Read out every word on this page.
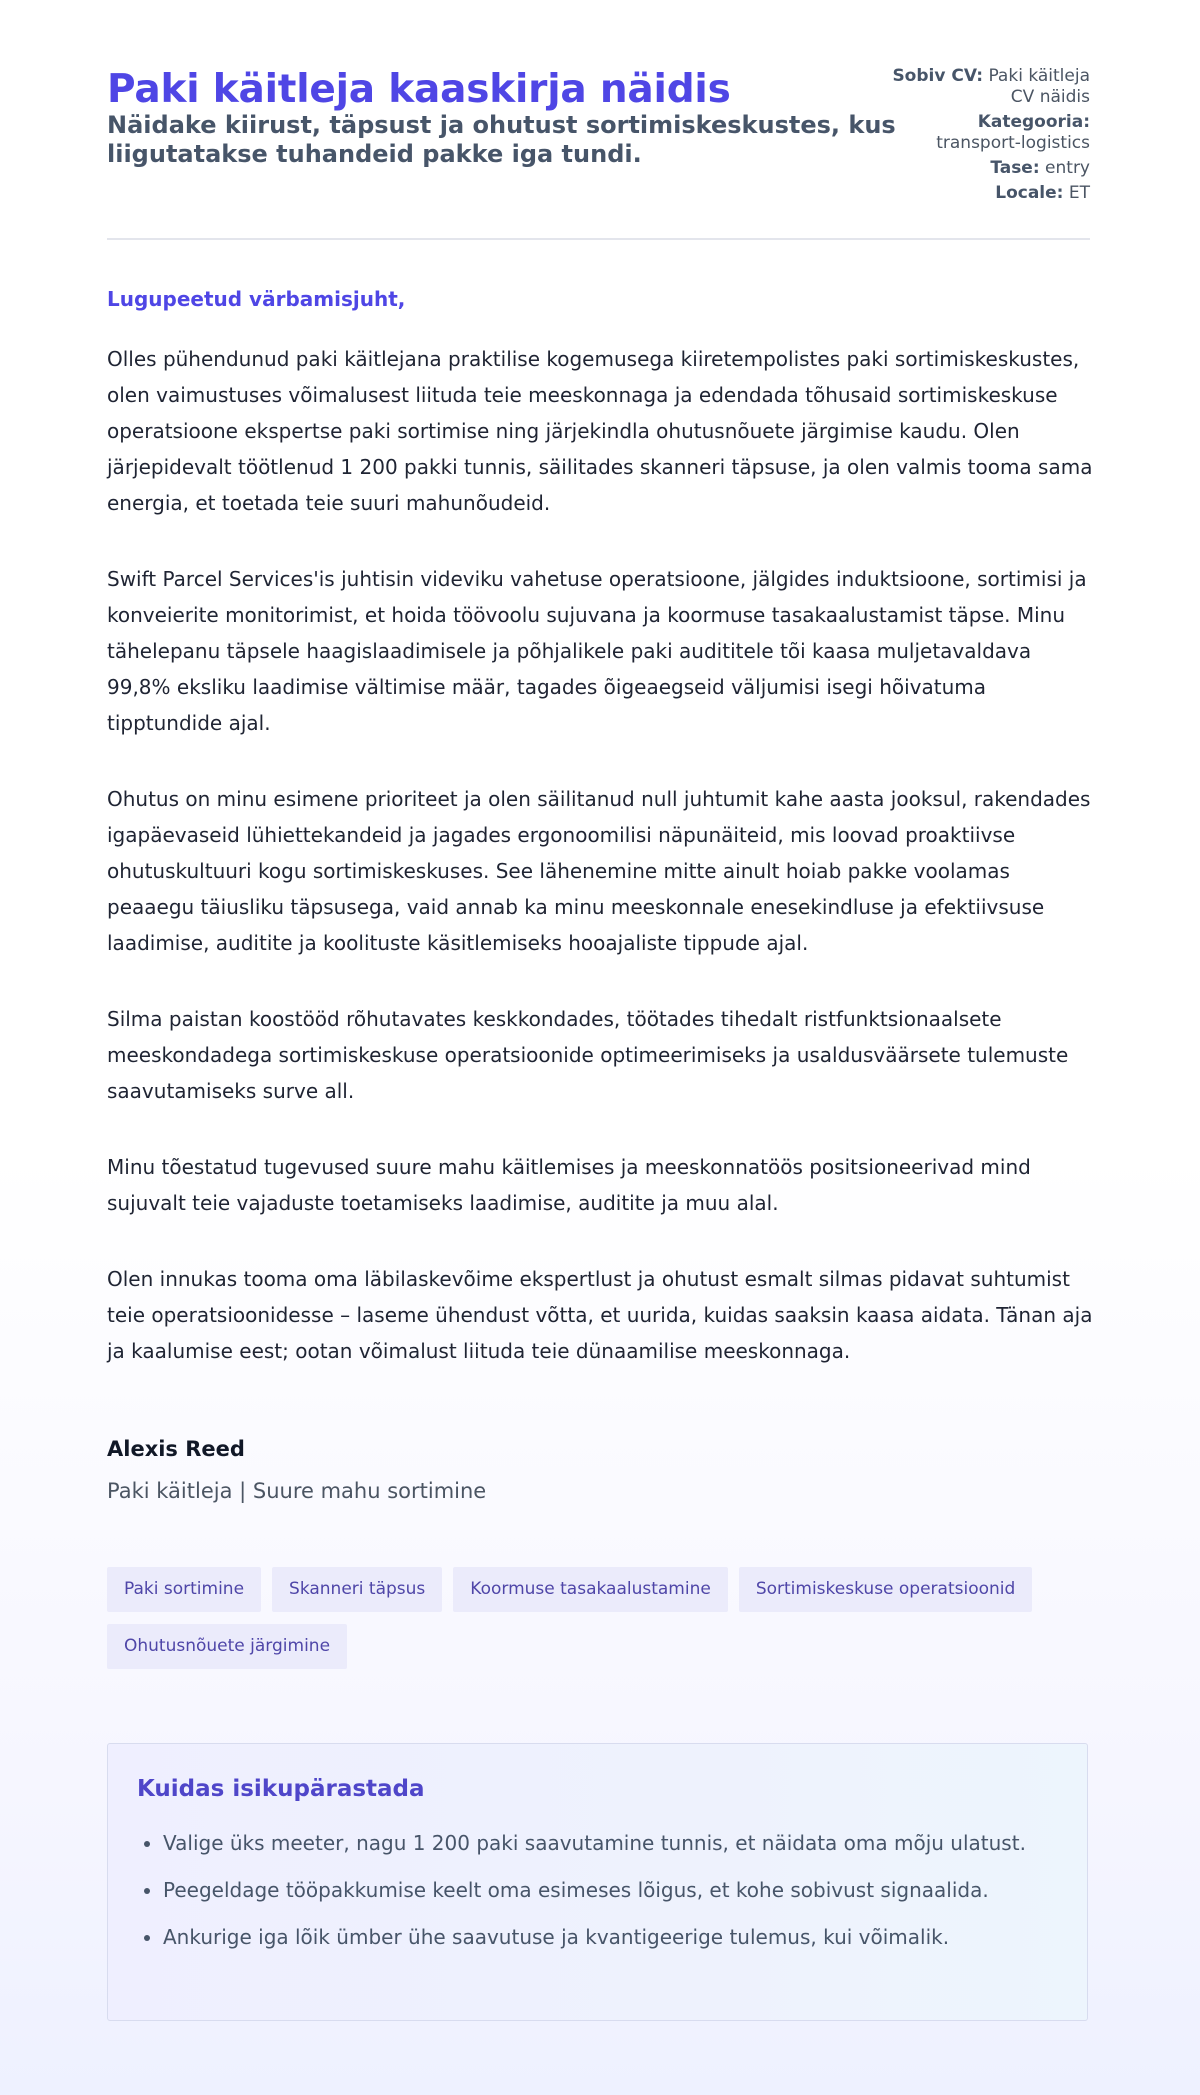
Paki käitleja kaaskirja näidis

Näidake kiirust, täpsust ja ohutust sortimiskeskustes, kus liigutatakse tuhandeid pakke iga tundi.

Sobiv CV: Paki käitleja CV näidis
Kategooria:
transport-logistics
Tase: entry
Locale: ET

Lugupeetud värbamisjuht,

Olles pühendunud paki käitlejana praktilise kogemusega kiiretempolistes paki sortimiskeskustes, olen vaimustuses võimalusest liituda teie meeskonnaga ja edendada tõhusaid sortimiskeskuse operatsioone ekspertse paki sortimise ning järjekindla ohutusnõuete järgimise kaudu. Olen järjepidevalt töötlenud 1 200 pakki tunnis, säilitades skanneri täpsuse, ja olen valmis tooma sama energia, et toetada teie suuri mahunõudeid.

Swift Parcel Services'is juhtisin videviku vahetuse operatsioone, jälgides induktsioone, sortimisi ja konveierite monitorimist, et hoida töövoolu sujuvana ja koormuse tasakaalustamist täpse. Minu tähelepanu täpsele haagislaadimisele ja põhjalikele paki audititele tõi kaasa muljetavaldava 99,8% eksliku laadimise vältimise määr, tagades õigeaegseid väljumisi isegi hõivatuma tipptundide ajal.

Ohutus on minu esimene prioriteet ja olen säilitanud null juhtumit kahe aasta jooksul, rakendades igapäevaseid lühiettekandeid ja jagades ergonoomilisi näpunäiteid, mis loovad proaktiivse ohutuskultuuri kogu sortimiskeskuses. See lähenemine mitte ainult hoiab pakke voolamas peaaegu täiusliku täpsusega, vaid annab ka minu meeskonnale enesekindluse ja efektiivsuse laadimise, auditite ja koolituste käsitlemiseks hooajaliste tippude ajal.

Silma paistan koostööd rõhutavates keskkondades, töötades tihedalt ristfunktsionaalsete meeskondadega sortimiskeskuse operatsioonide optimeerimiseks ja usaldusväärsete tulemuste saavutamiseks surve all.

Minu tõestatud tugevused suure mahu käitlemises ja meeskonnatöös positsioneerivad mind sujuvalt teie vajaduste toetamiseks laadimise, auditite ja muu alal.

Olen innukas tooma oma läbilaskevõime ekspertlust ja ohutust esmalt silmas pidavat suhtumist teie operatsioonidesse – laseme ühendust võtta, et uurida, kuidas saaksin kaasa aidata. Tänan aja ja kaalumise eest; ootan võimalust liituda teie dünaamilise meeskonnaga.

Alexis Reed

Paki käitleja | Suure mahu sortimine

Paki sortimine	Skanneri täpsus	Koormuse tasakaalustamine	Sortimiskeskuse operatsioonid
Ohutusnõuete järgimine
Kuidas isikupärastada
• Valige üks meeter, nagu 1 200 paki saavutamine tunnis, et näidata oma mõju ulatust.
• Peegeldage tööpakkumise keelt oma esimeses lõigus, et kohe sobivust signaalida.
• Ankurige iga lõik ümber ühe saavutuse ja kvantigeerige tulemus, kui võimalik.
